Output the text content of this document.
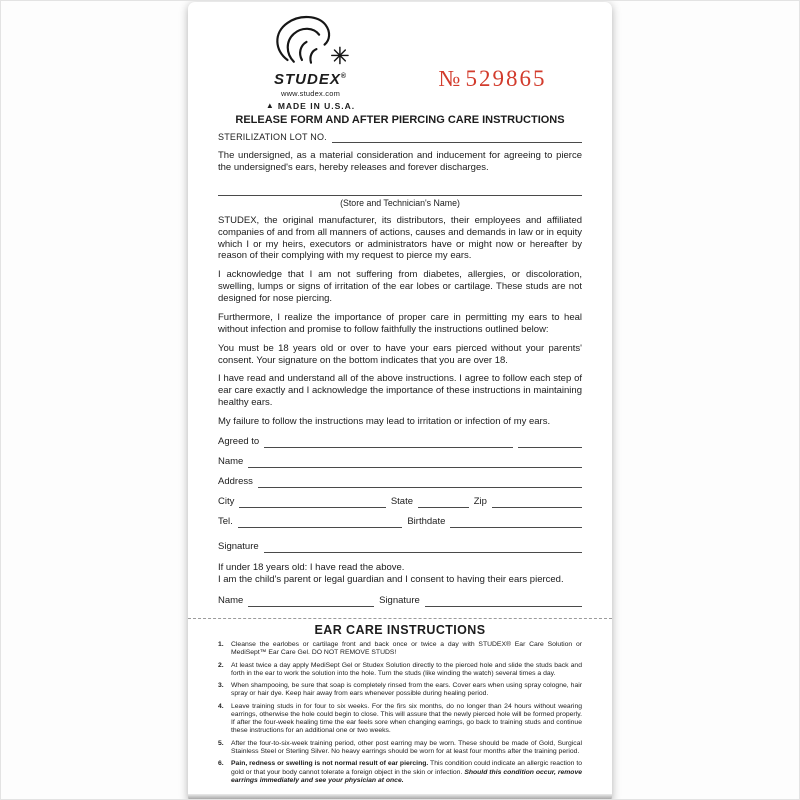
STUDEX®
www.studex.com
▲ MADE IN U.S.A.
№ 529865
RELEASE FORM AND AFTER PIERCING CARE INSTRUCTIONS
STERILIZATION LOT NO.

The undersigned, as a material consideration and inducement for agreeing to pierce the undersigned's ears, hereby releases and forever discharges.

(Store and Technician's Name)

STUDEX, the original manufacturer, its distributors, their employees and affiliated companies of and from all manners of actions, causes and demands in law or in equity which I or my heirs, executors or administrators have or might now or hereafter by reason of their complying with my request to pierce my ears.

I acknowledge that I am not suffering from diabetes, allergies, or discoloration, swelling, lumps or signs of irritation of the ear lobes or cartilage. These studs are not designed for nose piercing.

Furthermore, I realize the importance of proper care in permitting my ears to heal without infection and promise to follow faithfully the instructions outlined below:

You must be 18 years old or over to have your ears pierced without your parents' consent. Your signature on the bottom indicates that you are over 18.

I have read and understand all of the above instructions. I agree to follow each step of ear care exactly and I acknowledge the importance of these instructions in maintaining healthy ears.

My failure to follow the instructions may lead to irritation or infection of my ears.

Agreed to
Name
Address
City	State	Zip
Tel.	Birthdate
Signature
If under 18 years old: I have read the above.
I am the child's parent or legal guardian and I consent to having their ears pierced.
Name	Signature
EAR CARE INSTRUCTIONS
1.	Cleanse the earlobes or cartilage front and back once or twice a day with STUDEX® Ear Care Solution or MediSept™ Ear Care Gel. DO NOT REMOVE STUDS!
2.	At least twice a day apply MediSept Gel or Studex Solution directly to the pierced hole and slide the studs back and forth in the ear to work the solution into the hole. Turn the studs (like winding the watch) several times a day.
3.	When shampooing, be sure that soap is completely rinsed from the ears. Cover ears when using spray cologne, hair spray or hair dye. Keep hair away from ears whenever possible during healing period.
4.	Leave training studs in for four to six weeks. For the firs six months, do no longer than 24 hours without wearing earrings, otherwise the hole could begin to close. This will assure that the newly pierced hole will be formed properly. If after the four-week healing time the ear feels sore when changing earrings, go back to training studs and continue these instructions for an additional one or two weeks.
5.	After the four-to-six-week training period, other post earring may be worn. These should be made of Gold, Surgical Stainless Steel or Sterling Silver. No heavy earrings should be worn for at least four months after the training period.
6.	Pain, redness or swelling is not normal result of ear piercing. This condition could indicate an allergic reaction to gold or that your body cannot tolerate a foreign object in the skin or infection. Should this condition occur, remove earrings immediately and see your physician at once.
